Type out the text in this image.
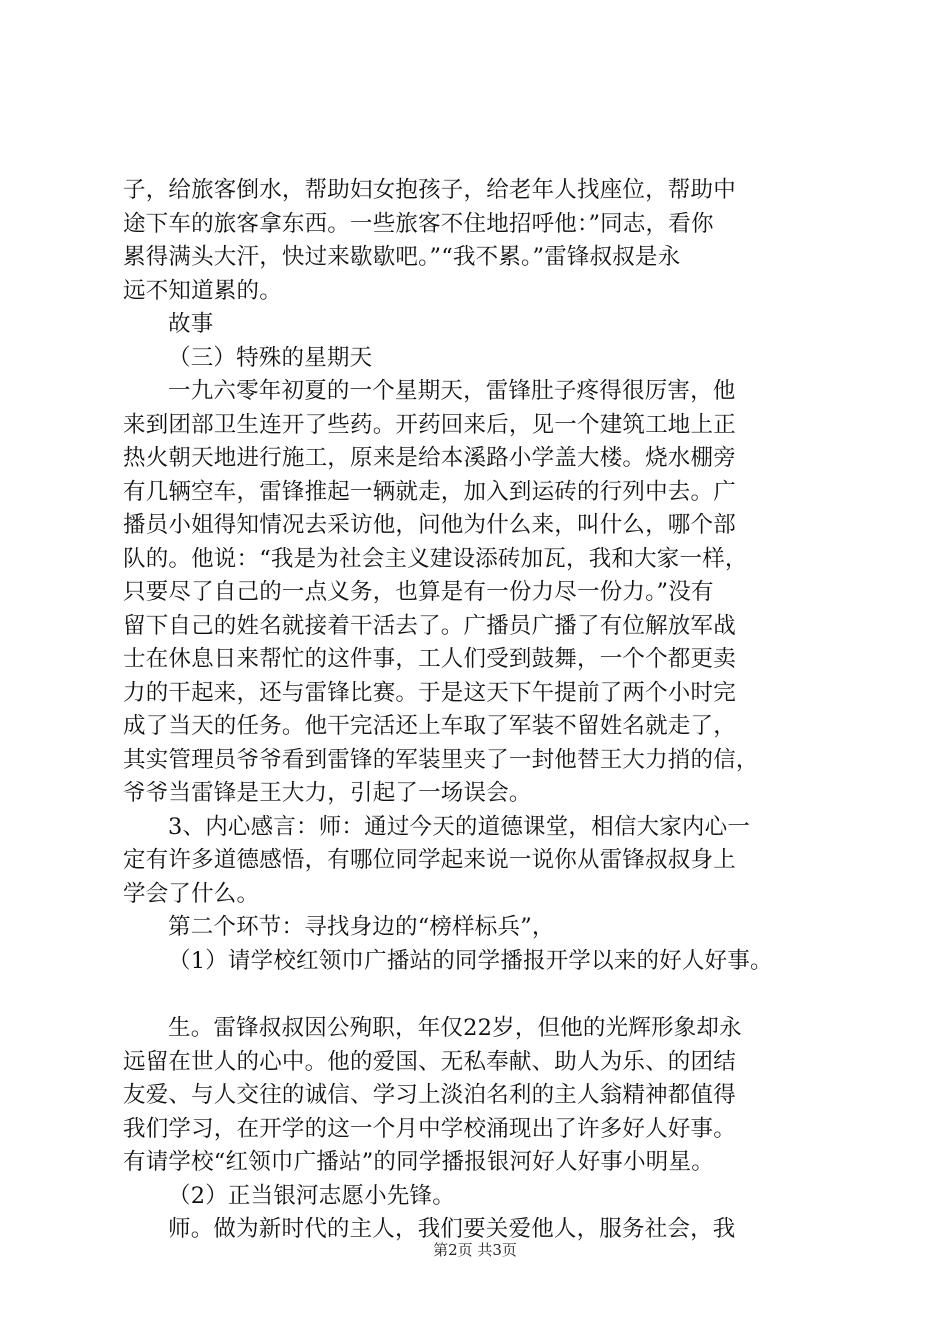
子，给旅客倒水，帮助妇女抱孩子，给老年人找座位，帮助中
途下车的旅客拿东西。一些旅客不住地招呼他：”同志，看你
累得满头大汗，快过来歇歇吧。”“我不累。”雷锋叔叔是永
远不知道累的。
故事
（三）特殊的星期天
一九六零年初夏的一个星期天，雷锋肚子疼得很厉害，他
来到团部卫生连开了些药。开药回来后，见一个建筑工地上正
热火朝天地进行施工，原来是给本溪路小学盖大楼。烧水棚旁
有几辆空车，雷锋推起一辆就走，加入到运砖的行列中去。广
播员小姐得知情况去采访他，问他为什么来，叫什么，哪个部
队的。他说：“我是为社会主义建设添砖加瓦，我和大家一样，
只要尽了自己的一点义务，也算是有一份力尽一份力。”没有
留下自己的姓名就接着干活去了。广播员广播了有位解放军战
士在休息日来帮忙的这件事，工人们受到鼓舞，一个个都更卖
力的干起来，还与雷锋比赛。于是这天下午提前了两个小时完
成了当天的任务。他干完活还上车取了军装不留姓名就走了，
其实管理员爷爷看到雷锋的军装里夹了一封他替王大力捎的信，
爷爷当雷锋是王大力，引起了一场误会。
3、内心感言：师：通过今天的道德课堂，相信大家内心一
定有许多道德感悟，有哪位同学起来说一说你从雷锋叔叔身上
学会了什么。
第二个环节：寻找身边的“榜样标兵”，
（1）请学校红领巾广播站的同学播报开学以来的好人好事。
生。雷锋叔叔因公殉职，年仅22岁，但他的光辉形象却永
远留在世人的心中。他的爱国、无私奉献、助人为乐、的团结
友爱、与人交往的诚信、学习上淡泊名利的主人翁精神都值得
我们学习，在开学的这一个月中学校涌现出了许多好人好事。
有请学校“红领巾广播站”的同学播报银河好人好事小明星。
（2）正当银河志愿小先锋。
师。做为新时代的主人，我们要关爱他人，服务社会，我
第2页 共3页
